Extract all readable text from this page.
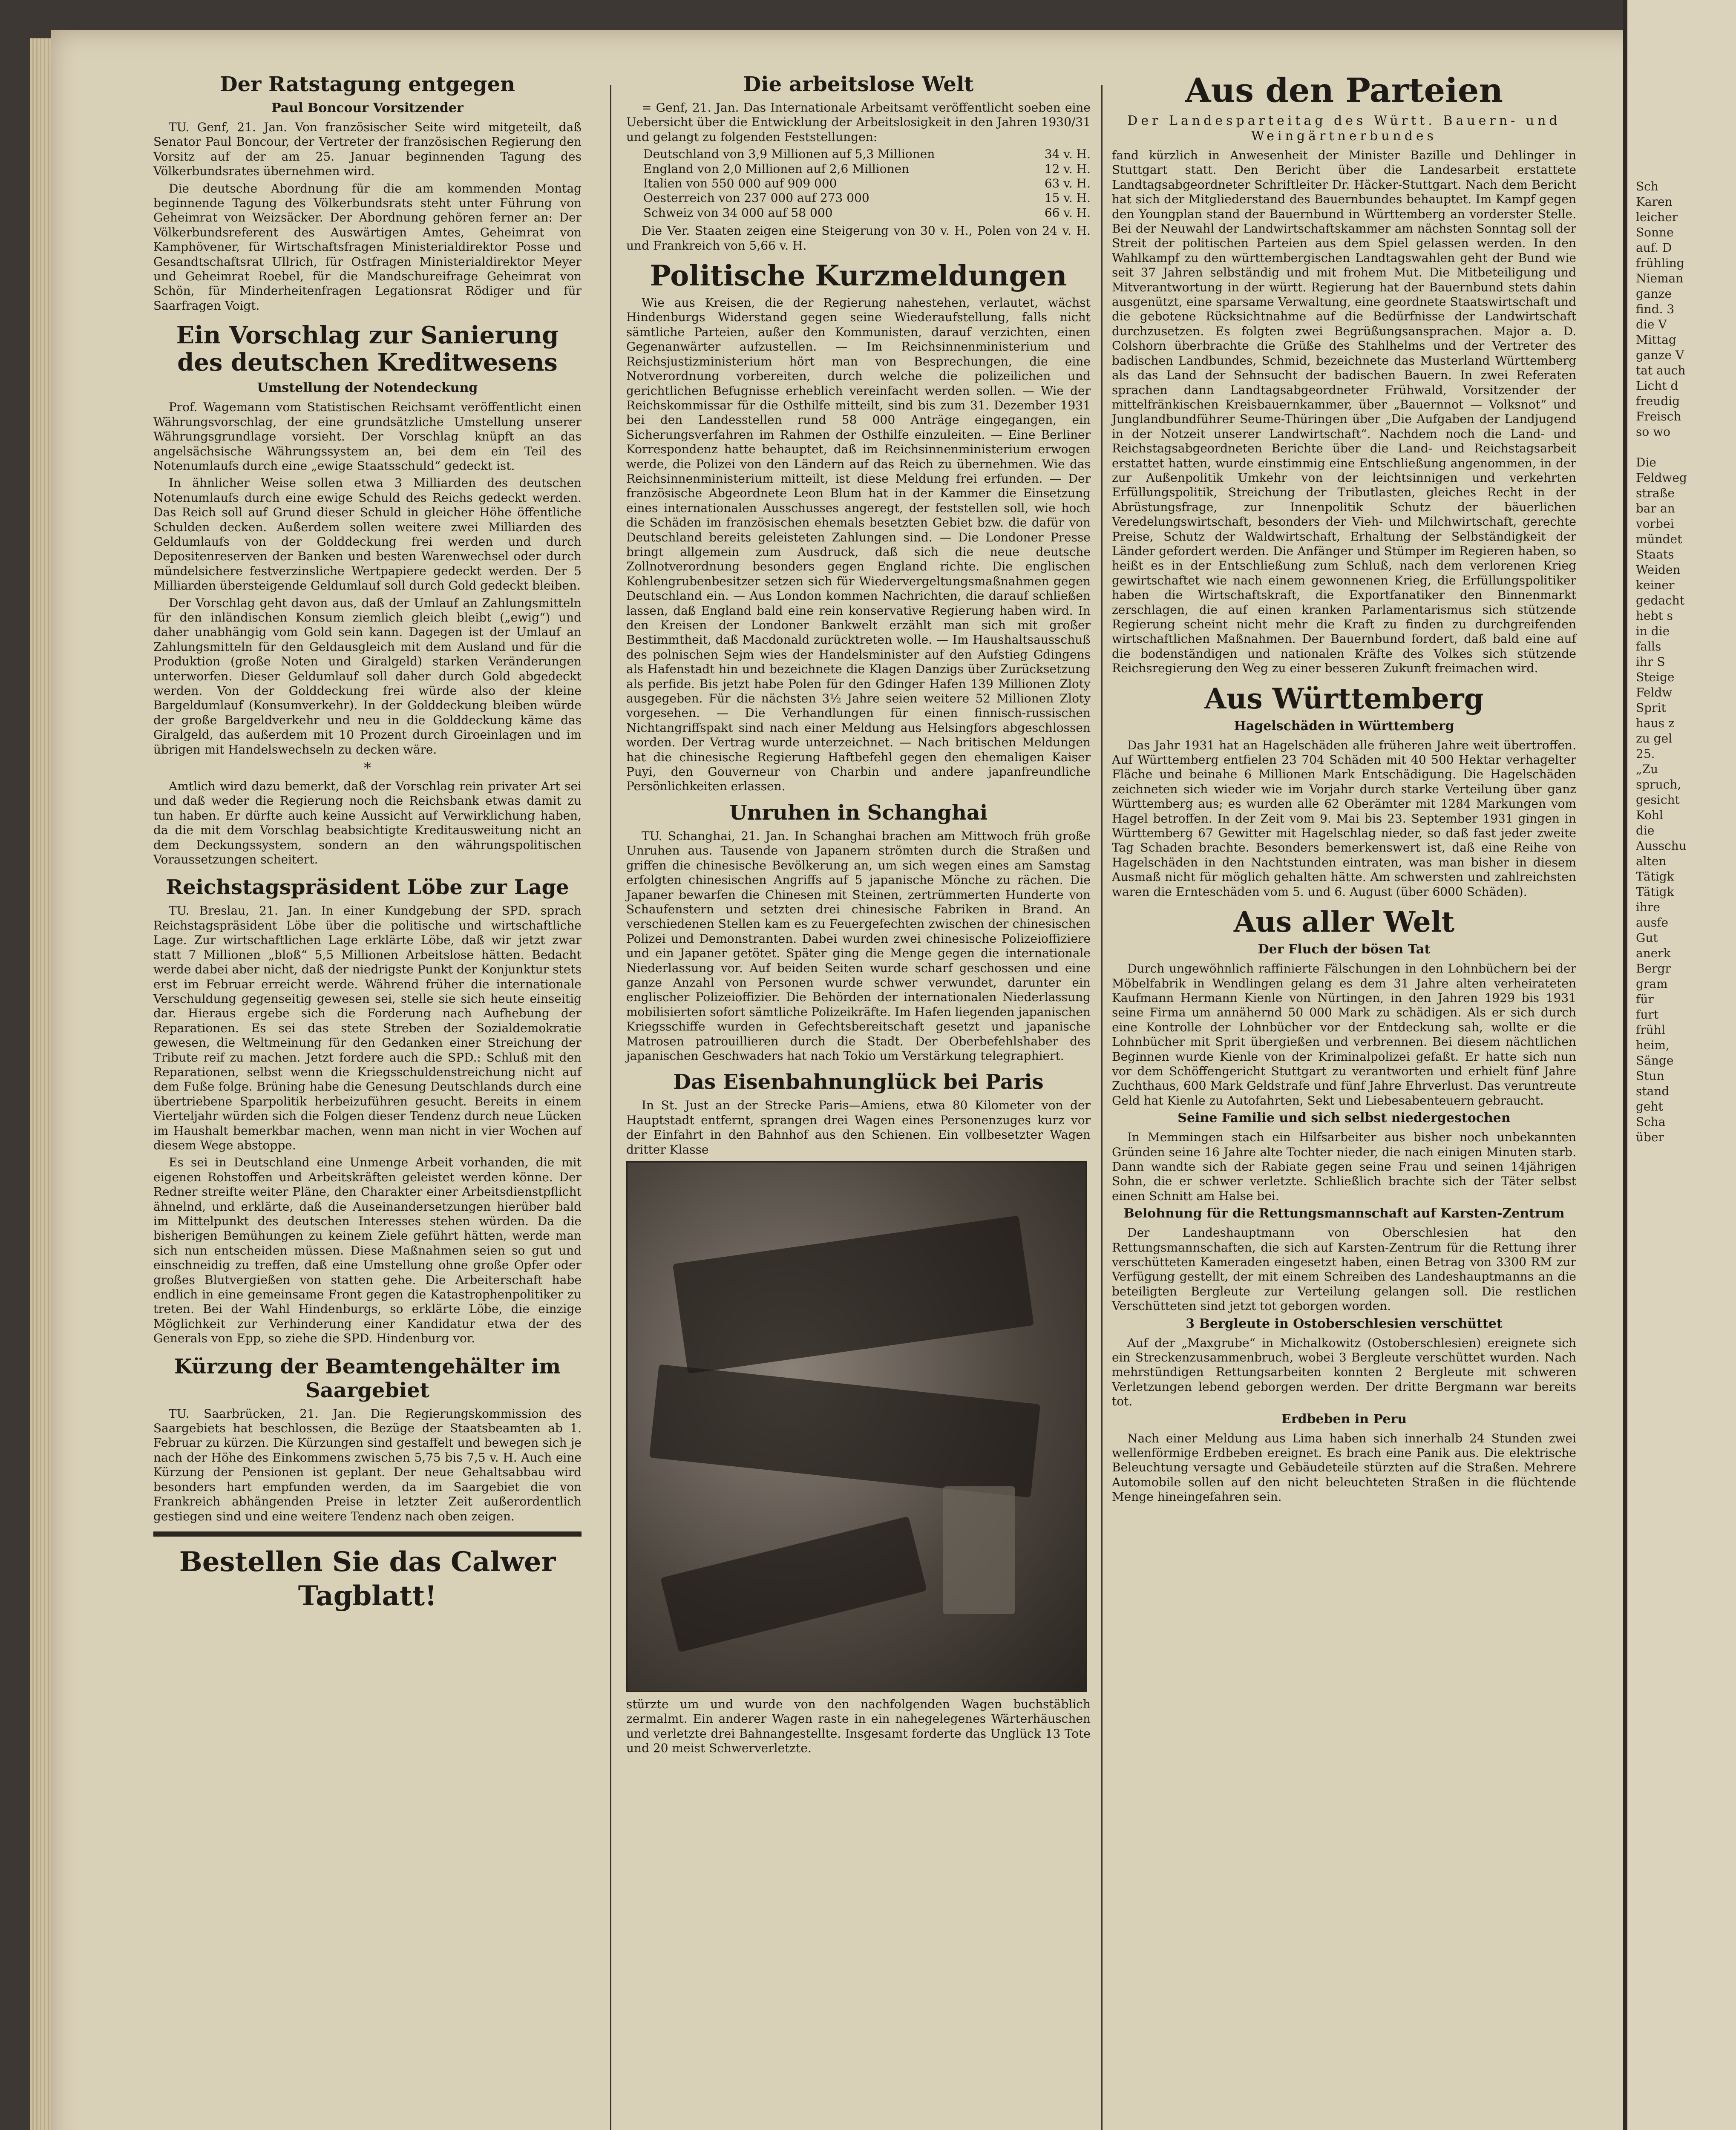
Der Ratstagung entgegen
Paul Boncour Vorsitzender

TU. Genf, 21. Jan. Von französischer Seite wird mitgeteilt, daß Senator Paul Boncour, der Vertreter der französischen Regierung den Vorsitz auf der am 25. Januar beginnenden Tagung des Völkerbundsrates übernehmen wird.

Die deutsche Abordnung für die am kommenden Montag beginnende Tagung des Völkerbundsrats steht unter Führung von Geheimrat von Weizsäcker. Der Abordnung gehören ferner an: Der Völkerbundsreferent des Auswärtigen Amtes, Geheimrat von Kamphövener, für Wirtschaftsfragen Ministerialdirektor Posse und Gesandtschaftsrat Ullrich, für Ostfragen Ministerialdirektor Meyer und Geheimrat Roebel, für die Mandschureifrage Geheimrat von Schön, für Minderheitenfragen Legationsrat Rödiger und für Saarfragen Voigt.

Ein Vorschlag zur Sanierung des deutschen Kreditwesens
Umstellung der Notendeckung

Prof. Wagemann vom Statistischen Reichsamt veröffentlicht einen Währungsvorschlag, der eine grundsätzliche Umstellung unserer Währungsgrundlage vorsieht. Der Vorschlag knüpft an das angelsächsische Währungssystem an, bei dem ein Teil des Notenumlaufs durch eine „ewige Staatsschuld“ gedeckt ist.

In ähnlicher Weise sollen etwa 3 Milliarden des deutschen Notenumlaufs durch eine ewige Schuld des Reichs gedeckt werden. Das Reich soll auf Grund dieser Schuld in gleicher Höhe öffentliche Schulden decken. Außerdem sollen weitere zwei Milliarden des Geldumlaufs von der Golddeckung frei werden und durch Depositenreserven der Banken und besten Warenwechsel oder durch mündelsichere festverzinsliche Wertpapiere gedeckt werden. Der 5 Milliarden übersteigende Geldumlauf soll durch Gold gedeckt bleiben.

Der Vorschlag geht davon aus, daß der Umlauf an Zahlungsmitteln für den inländischen Konsum ziemlich gleich bleibt („ewig“) und daher unabhängig vom Gold sein kann. Dagegen ist der Umlauf an Zahlungsmitteln für den Geldausgleich mit dem Ausland und für die Produktion (große Noten und Giralgeld) starken Veränderungen unterworfen. Dieser Geldumlauf soll daher durch Gold abgedeckt werden. Von der Golddeckung frei würde also der kleine Bargeldumlauf (Konsumverkehr). In der Golddeckung bleiben würde der große Bargeldverkehr und neu in die Golddeckung käme das Giralgeld, das außerdem mit 10 Prozent durch Giroeinlagen und im übrigen mit Handelswechseln zu decken wäre.

*

Amtlich wird dazu bemerkt, daß der Vorschlag rein privater Art sei und daß weder die Regierung noch die Reichsbank etwas damit zu tun haben. Er dürfte auch keine Aussicht auf Verwirklichung haben, da die mit dem Vorschlag beabsichtigte Kreditausweitung nicht an dem Deckungssystem, sondern an den währungspolitischen Voraussetzungen scheitert.

Reichstagspräsident Löbe zur Lage

TU. Breslau, 21. Jan. In einer Kundgebung der SPD. sprach Reichstagspräsident Löbe über die politische und wirtschaftliche Lage. Zur wirtschaftlichen Lage erklärte Löbe, daß wir jetzt zwar statt 7 Millionen „bloß“ 5,5 Millionen Arbeitslose hätten. Bedacht werde dabei aber nicht, daß der niedrigste Punkt der Konjunktur stets erst im Februar erreicht werde. Während früher die internationale Verschuldung gegenseitig gewesen sei, stelle sie sich heute einseitig dar. Hieraus ergebe sich die Forderung nach Aufhebung der Reparationen. Es sei das stete Streben der Sozialdemokratie gewesen, die Weltmeinung für den Gedanken einer Streichung der Tribute reif zu machen. Jetzt fordere auch die SPD.: Schluß mit den Reparationen, selbst wenn die Kriegsschuldenstreichung nicht auf dem Fuße folge. Brüning habe die Genesung Deutschlands durch eine übertriebene Sparpolitik herbeizuführen gesucht. Bereits in einem Vierteljahr würden sich die Folgen dieser Tendenz durch neue Lücken im Haushalt bemerkbar machen, wenn man nicht in vier Wochen auf diesem Wege abstoppe.

Es sei in Deutschland eine Unmenge Arbeit vorhanden, die mit eigenen Rohstoffen und Arbeitskräften geleistet werden könne. Der Redner streifte weiter Pläne, den Charakter einer Arbeitsdienstpflicht ähnelnd, und erklärte, daß die Auseinandersetzungen hierüber bald im Mittelpunkt des deutschen Interesses stehen würden. Da die bisherigen Bemühungen zu keinem Ziele geführt hätten, werde man sich nun entscheiden müssen. Diese Maßnahmen seien so gut und einschneidig zu treffen, daß eine Umstellung ohne große Opfer oder großes Blutvergießen von statten gehe. Die Arbeiterschaft habe endlich in eine gemeinsame Front gegen die Katastrophenpolitiker zu treten. Bei der Wahl Hindenburgs, so erklärte Löbe, die einzige Möglichkeit zur Verhinderung einer Kandidatur etwa der des Generals von Epp, so ziehe die SPD. Hindenburg vor.

Kürzung der Beamtengehälter im Saargebiet

TU. Saarbrücken, 21. Jan. Die Regierungskommission des Saargebiets hat beschlossen, die Bezüge der Staatsbeamten ab 1. Februar zu kürzen. Die Kürzungen sind gestaffelt und bewegen sich je nach der Höhe des Einkommens zwischen 5,75 bis 7,5 v. H. Auch eine Kürzung der Pensionen ist geplant. Der neue Gehaltsabbau wird besonders hart empfunden werden, da im Saargebiet die von Frankreich abhängenden Preise in letzter Zeit außerordentlich gestiegen sind und eine weitere Tendenz nach oben zeigen.

Bestellen Sie das Calwer Tagblatt!
Die arbeitslose Welt

= Genf, 21. Jan. Das Internationale Arbeitsamt veröffentlicht soeben eine Uebersicht über die Entwicklung der Arbeitslosigkeit in den Jahren 1930/31 und gelangt zu folgenden Feststellungen:

Deutschland von 3,9 Millionen auf 5,3 Millionen	34 v. H.
England von 2,0 Millionen auf 2,6 Millionen	12 v. H.
Italien von 550 000 auf 909 000	63 v. H.
Oesterreich von 237 000 auf 273 000	15 v. H.
Schweiz von 34 000 auf 58 000	66 v. H.

Die Ver. Staaten zeigen eine Steigerung von 30 v. H., Polen von 24 v. H. und Frankreich von 5,66 v. H.

Politische Kurzmeldungen

Wie aus Kreisen, die der Regierung nahestehen, verlautet, wächst Hindenburgs Widerstand gegen seine Wiederaufstellung, falls nicht sämtliche Parteien, außer den Kommunisten, darauf verzichten, einen Gegenanwärter aufzustellen. — Im Reichsinnenministerium und Reichsjustizministerium hört man von Besprechungen, die eine Notverordnung vorbereiten, durch welche die polizeilichen und gerichtlichen Befugnisse erheblich vereinfacht werden sollen. — Wie der Reichskommissar für die Osthilfe mitteilt, sind bis zum 31. Dezember 1931 bei den Landesstellen rund 58 000 Anträge eingegangen, ein Sicherungsverfahren im Rahmen der Osthilfe einzuleiten. — Eine Berliner Korrespondenz hatte behauptet, daß im Reichsinnenministerium erwogen werde, die Polizei von den Ländern auf das Reich zu übernehmen. Wie das Reichsinnenministerium mitteilt, ist diese Meldung frei erfunden. — Der französische Abgeordnete Leon Blum hat in der Kammer die Einsetzung eines internationalen Ausschusses angeregt, der feststellen soll, wie hoch die Schäden im französischen ehemals besetzten Gebiet bzw. die dafür von Deutschland bereits geleisteten Zahlungen sind. — Die Londoner Presse bringt allgemein zum Ausdruck, daß sich die neue deutsche Zollnotverordnung besonders gegen England richte. Die englischen Kohlengrubenbesitzer setzen sich für Wiedervergeltungsmaßnahmen gegen Deutschland ein. — Aus London kommen Nachrichten, die darauf schließen lassen, daß England bald eine rein konservative Regierung haben wird. In den Kreisen der Londoner Bankwelt erzählt man sich mit großer Bestimmtheit, daß Macdonald zurücktreten wolle. — Im Haushaltsausschuß des polnischen Sejm wies der Handelsminister auf den Aufstieg Gdingens als Hafenstadt hin und bezeichnete die Klagen Danzigs über Zurücksetzung als perfide. Bis jetzt habe Polen für den Gdinger Hafen 139 Millionen Zloty ausgegeben. Für die nächsten 3½ Jahre seien weitere 52 Millionen Zloty vorgesehen. — Die Verhandlungen für einen finnisch-russischen Nichtangriffspakt sind nach einer Meldung aus Helsingfors abgeschlossen worden. Der Vertrag wurde unterzeichnet. — Nach britischen Meldungen hat die chinesische Regierung Haftbefehl gegen den ehemaligen Kaiser Puyi, den Gouverneur von Charbin und andere japanfreundliche Persönlichkeiten erlassen.

Unruhen in Schanghai

TU. Schanghai, 21. Jan. In Schanghai brachen am Mittwoch früh große Unruhen aus. Tausende von Japanern strömten durch die Straßen und griffen die chinesische Bevölkerung an, um sich wegen eines am Samstag erfolgten chinesischen Angriffs auf 5 japanische Mönche zu rächen. Die Japaner bewarfen die Chinesen mit Steinen, zertrümmerten Hunderte von Schaufenstern und setzten drei chinesische Fabriken in Brand. An verschiedenen Stellen kam es zu Feuergefechten zwischen der chinesischen Polizei und Demonstranten. Dabei wurden zwei chinesische Polizeioffiziere und ein Japaner getötet. Später ging die Menge gegen die internationale Niederlassung vor. Auf beiden Seiten wurde scharf geschossen und eine ganze Anzahl von Personen wurde schwer verwundet, darunter ein englischer Polizeioffizier. Die Behörden der internationalen Niederlassung mobilisierten sofort sämtliche Polizeikräfte. Im Hafen liegenden japanischen Kriegsschiffe wurden in Gefechtsbereitschaft gesetzt und japanische Matrosen patrouillieren durch die Stadt. Der Oberbefehlshaber des japanischen Geschwaders hat nach Tokio um Verstärkung telegraphiert.

Das Eisenbahnunglück bei Paris

In St. Just an der Strecke Paris—Amiens, etwa 80 Kilometer von der Hauptstadt entfernt, sprangen drei Wagen eines Personenzuges kurz vor der Einfahrt in den Bahnhof aus den Schienen. Ein vollbesetzter Wagen dritter Klasse

stürzte um und wurde von den nachfolgenden Wagen buchstäblich zermalmt. Ein anderer Wagen raste in ein nahegelegenes Wärterhäuschen und verletzte drei Bahnangestellte. Insgesamt forderte das Unglück 13 Tote und 20 meist Schwerverletzte.

Aus den Parteien
Der Landesparteitag des Württ. Bauern- und Weingärtnerbundes

fand kürzlich in Anwesenheit der Minister Bazille und Dehlinger in Stuttgart statt. Den Bericht über die Landesarbeit erstattete Landtagsabgeordneter Schriftleiter Dr. Häcker-Stuttgart. Nach dem Bericht hat sich der Mitgliederstand des Bauernbundes behauptet. Im Kampf gegen den Youngplan stand der Bauernbund in Württemberg an vorderster Stelle. Bei der Neuwahl der Landwirtschaftskammer am nächsten Sonntag soll der Streit der politischen Parteien aus dem Spiel gelassen werden. In den Wahlkampf zu den württembergischen Landtagswahlen geht der Bund wie seit 37 Jahren selbständig und mit frohem Mut. Die Mitbeteiligung und Mitverantwortung in der württ. Regierung hat der Bauernbund stets dahin ausgenützt, eine sparsame Verwaltung, eine geordnete Staatswirtschaft und die gebotene Rücksichtnahme auf die Bedürfnisse der Landwirtschaft durchzusetzen. Es folgten zwei Begrüßungsansprachen. Major a. D. Colshorn überbrachte die Grüße des Stahlhelms und der Vertreter des badischen Landbundes, Schmid, bezeichnete das Musterland Württemberg als das Land der Sehnsucht der badischen Bauern. In zwei Referaten sprachen dann Landtagsabgeordneter Frühwald, Vorsitzender der mittelfränkischen Kreisbauernkammer, über „Bauernnot — Volksnot“ und Junglandbundführer Seume-Thüringen über „Die Aufgaben der Landjugend in der Notzeit unserer Landwirtschaft“. Nachdem noch die Land- und Reichstagsabgeordneten Berichte über die Land- und Reichstagsarbeit erstattet hatten, wurde einstimmig eine Entschließung angenommen, in der zur Außenpolitik Umkehr von der leichtsinnigen und verkehrten Erfüllungspolitik, Streichung der Tributlasten, gleiches Recht in der Abrüstungsfrage, zur Innenpolitik Schutz der bäuerlichen Veredelungswirtschaft, besonders der Vieh- und Milchwirtschaft, gerechte Preise, Schutz der Waldwirtschaft, Erhaltung der Selbständigkeit der Länder gefordert werden. Die Anfänger und Stümper im Regieren haben, so heißt es in der Entschließung zum Schluß, nach dem verlorenen Krieg gewirtschaftet wie nach einem gewonnenen Krieg, die Erfüllungspolitiker haben die Wirtschaftskraft, die Exportfanatiker den Binnenmarkt zerschlagen, die auf einen kranken Parlamentarismus sich stützende Regierung scheint nicht mehr die Kraft zu finden zu durchgreifenden wirtschaftlichen Maßnahmen. Der Bauernbund fordert, daß bald eine auf die bodenständigen und nationalen Kräfte des Volkes sich stützende Reichsregierung den Weg zu einer besseren Zukunft freimachen wird.

Aus Württemberg
Hagelschäden in Württemberg

Das Jahr 1931 hat an Hagelschäden alle früheren Jahre weit übertroffen. Auf Württemberg entfielen 23 704 Schäden mit 40 500 Hektar verhagelter Fläche und beinahe 6 Millionen Mark Entschädigung. Die Hagelschäden zeichneten sich wieder wie im Vorjahr durch starke Verteilung über ganz Württemberg aus; es wurden alle 62 Oberämter mit 1284 Markungen vom Hagel betroffen. In der Zeit vom 9. Mai bis 23. September 1931 gingen in Württemberg 67 Gewitter mit Hagelschlag nieder, so daß fast jeder zweite Tag Schaden brachte. Besonders bemerkenswert ist, daß eine Reihe von Hagelschäden in den Nachtstunden eintraten, was man bisher in diesem Ausmaß nicht für möglich gehalten hätte. Am schwersten und zahlreichsten waren die Ernteschäden vom 5. und 6. August (über 6000 Schäden).

Aus aller Welt
Der Fluch der bösen Tat

Durch ungewöhnlich raffinierte Fälschungen in den Lohnbüchern bei der Möbelfabrik in Wendlingen gelang es dem 31 Jahre alten verheirateten Kaufmann Hermann Kienle von Nürtingen, in den Jahren 1929 bis 1931 seine Firma um annähernd 50 000 Mark zu schädigen. Als er sich durch eine Kontrolle der Lohnbücher vor der Entdeckung sah, wollte er die Lohnbücher mit Sprit übergießen und verbrennen. Bei diesem nächtlichen Beginnen wurde Kienle von der Kriminalpolizei gefaßt. Er hatte sich nun vor dem Schöffengericht Stuttgart zu verantworten und erhielt fünf Jahre Zuchthaus, 600 Mark Geldstrafe und fünf Jahre Ehrverlust. Das veruntreute Geld hat Kienle zu Autofahrten, Sekt und Liebesabenteuern gebraucht.

Seine Familie und sich selbst niedergestochen

In Memmingen stach ein Hilfsarbeiter aus bisher noch unbekannten Gründen seine 16 Jahre alte Tochter nieder, die nach einigen Minuten starb. Dann wandte sich der Rabiate gegen seine Frau und seinen 14jährigen Sohn, die er schwer verletzte. Schließlich brachte sich der Täter selbst einen Schnitt am Halse bei.

Belohnung für die Rettungsmannschaft auf Karsten-Zentrum

Der Landeshauptmann von Oberschlesien hat den Rettungsmannschaften, die sich auf Karsten-Zentrum für die Rettung ihrer verschütteten Kameraden eingesetzt haben, einen Betrag von 3300 RM zur Verfügung gestellt, der mit einem Schreiben des Landeshauptmanns an die beteiligten Bergleute zur Verteilung gelangen soll. Die restlichen Verschütteten sind jetzt tot geborgen worden.

3 Bergleute in Ostoberschlesien verschüttet

Auf der „Maxgrube“ in Michalkowitz (Ostoberschlesien) ereignete sich ein Streckenzusammenbruch, wobei 3 Bergleute verschüttet wurden. Nach mehrstündigen Rettungsarbeiten konnten 2 Bergleute mit schweren Verletzungen lebend geborgen werden. Der dritte Bergmann war bereits tot.

Erdbeben in Peru

Nach einer Meldung aus Lima haben sich innerhalb 24 Stunden zwei wellenförmige Erdbeben ereignet. Es brach eine Panik aus. Die elektrische Beleuchtung versagte und Gebäudeteile stürzten auf die Straßen. Mehrere Automobile sollen auf den nicht beleuchteten Straßen in die flüchtende Menge hineingefahren sein.

Sch
Karen
leicher
Sonne
auf. D
frühling
Nieman
ganze
find. 3
die V
Mittag
ganze V
tat auch
Licht d
freudig
Freisch
so wo
Die
Feldweg
straße
bar an
vorbei
mündet
Staats
Weiden
keiner
gedacht
hebt s
in die
falls
ihr S
Steige
Feldw
Sprit
haus z
zu gel
25.
„Zu
spruch,
gesicht
Kohl
die
Ausschu
alten
Tätigk
Tätigk
ihre
ausfe
Gut
anerk
Bergr
gram
für
furt
frühl
heim,
Sänge
Stun
stand
geht
Scha
über
